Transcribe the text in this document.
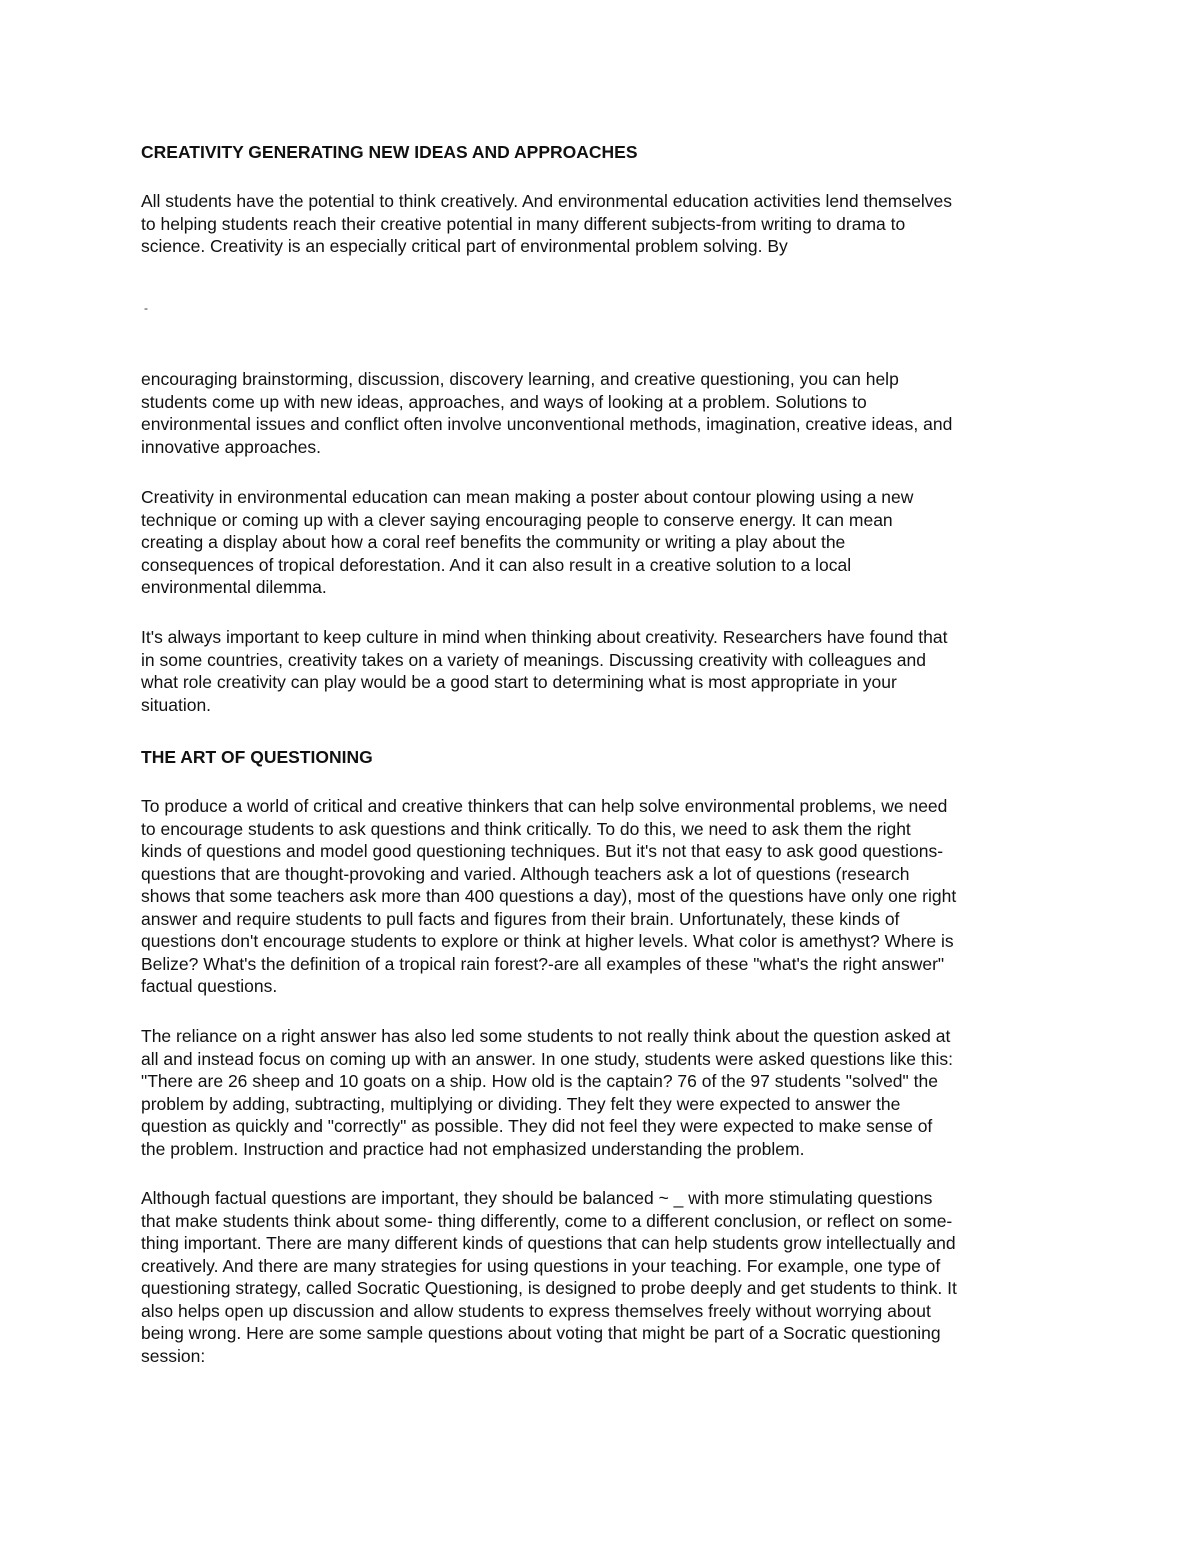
CREATIVITY GENERATING NEW IDEAS AND APPROACHES

All students have the potential to think creatively. And environmental education activities lend themselves
to helping students reach their creative potential in many different subjects-from writing to drama to
science. Creativity is an especially critical part of environmental problem solving. By

-

encouraging brainstorming, discussion, discovery learning, and creative questioning, you can help
students come up with new ideas, approaches, and ways of looking at a problem. Solutions to
environmental issues and conflict often involve unconventional methods, imagination, creative ideas, and
innovative approaches.

Creativity in environmental education can mean making a poster about contour plowing using a new
technique or coming up with a clever saying encouraging people to conserve energy. It can mean
creating a display about how a coral reef benefits the community or writing a play about the
consequences of tropical deforestation. And it can also result in a creative solution to a local
environmental dilemma.

It's always important to keep culture in mind when thinking about creativity. Researchers have found that
in some countries, creativity takes on a variety of meanings. Discussing creativity with colleagues and
what role creativity can play would be a good start to determining what is most appropriate in your
situation.

THE ART OF QUESTIONING

To produce a world of critical and creative thinkers that can help solve environmental problems, we need
to encourage students to ask questions and think critically. To do this, we need to ask them the right
kinds of questions and model good questioning techniques. But it's not that easy to ask good questions-
questions that are thought-provoking and varied. Although teachers ask a lot of questions (research
shows that some teachers ask more than 400 questions a day), most of the questions have only one right
answer and require students to pull facts and figures from their brain. Unfortunately, these kinds of
questions don't encourage students to explore or think at higher levels. What color is amethyst? Where is
Belize? What's the definition of a tropical rain forest?-are all examples of these "what's the right answer"
factual questions.

The reliance on a right answer has also led some students to not really think about the question asked at
all and instead focus on coming up with an answer. In one study, students were asked questions like this:
"There are 26 sheep and 10 goats on a ship. How old is the captain? 76 of the 97 students "solved" the
problem by adding, subtracting, multiplying or dividing. They felt they were expected to answer the
question as quickly and "correctly" as possible. They did not feel they were expected to make sense of
the problem. Instruction and practice had not emphasized understanding the problem.

Although factual questions are important, they should be balanced ~ _ with more stimulating questions
that make students think about some- thing differently, come to a different conclusion, or reflect on some-
thing important. There are many different kinds of questions that can help students grow intellectually and
creatively. And there are many strategies for using questions in your teaching. For example, one type of
questioning strategy, called Socratic Questioning, is designed to probe deeply and get students to think. It
also helps open up discussion and allow students to express themselves freely without worrying about
being wrong. Here are some sample questions about voting that might be part of a Socratic questioning
session:
